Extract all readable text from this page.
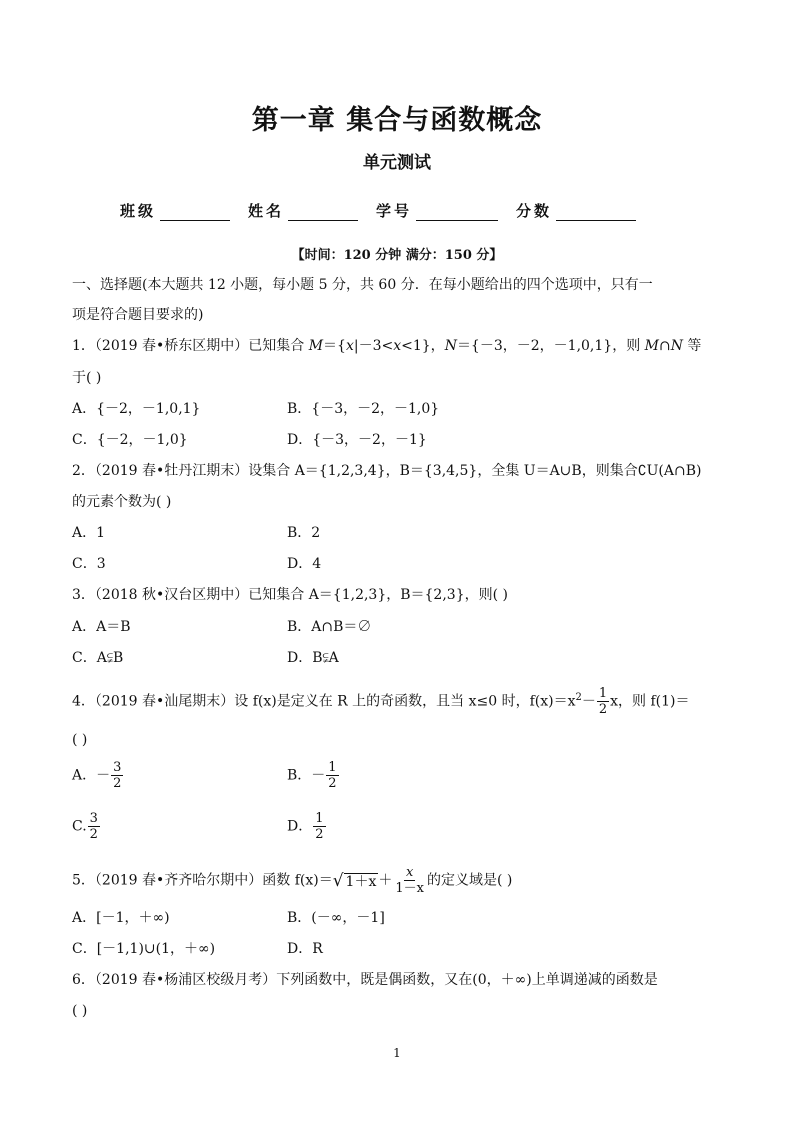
第一章 集合与函数概念
单元测试
班级	姓名	学号	分数
【时间：120 分钟 满分：150 分】
一、选择题(本大题共 12 小题，每小题 5 分，共 60 分．在每小题给出的四个选项中，只有一
项是符合题目要求的)
1．（2019 春•桥东区期中）已知集合 M＝{x|－3<x<1}，N＝{－3，－2，－1,0,1}，则 M∩N 等
于( )
A．{－2，－1,0,1}	B．{－3，－2，－1,0}
C．{－2，－1,0}	D．{－3，－2，－1}
2．（2019 春•牡丹江期末）设集合 A＝{1,2,3,4}，B＝{3,4,5}，全集 U＝A∪B，则集合∁U(A∩B)
的元素个数为( )
A．1	B．2
C．3	D．4
3．（2018 秋•汉台区期中）已知集合 A＝{1,2,3}，B＝{2,3}，则( )
A．A＝B	B．A∩B＝∅
C．A⫋B	D．B⫋A
4．（2019 春•汕尾期末）设 f(x)是定义在 R 上的奇函数，且当 x≤0 时，$f(x)=x^2- \frac{1}{2}$ x，则 f(1)＝
( )
A．－ $\frac{3}{2}$	B．－ $\frac{1}{2}$
C. $\frac{3}{2}$	D． $\frac{1}{2}$
5．（2019 春•齐齐哈尔期中）函数 f(x)＝ √ $1+x + \frac{x}{1-x}$ 的定义域是( )
A．[－1，＋∞)	B．(－∞，－1]
C．[－1,1)∪(1，＋∞)	D．R
6．（2019 春•杨浦区校级月考）下列函数中，既是偶函数，又在(0，＋∞)上单调递减的函数是
( )
1
